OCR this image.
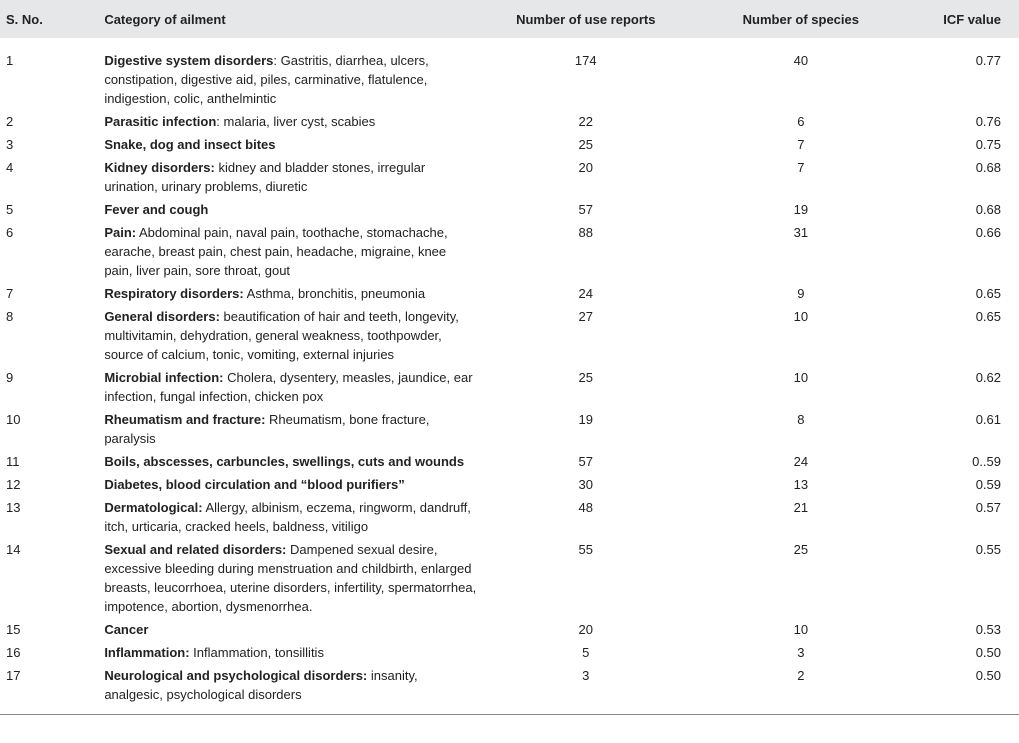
S. No.	Category of ailment	Number of use reports	Number of species	ICF value
1	Digestive system disorders: Gastritis, diarrhea, ulcers, constipation, digestive aid, piles, carminative, flatulence, indigestion, colic, anthelmintic	174	40	0.77
2	Parasitic infection: malaria, liver cyst, scabies	22	6	0.76
3	Snake, dog and insect bites	25	7	0.75
4	Kidney disorders: kidney and bladder stones, irregular urination, urinary problems, diuretic	20	7	0.68
5	Fever and cough	57	19	0.68
6	Pain: Abdominal pain, naval pain, toothache, stomachache, earache, breast pain, chest pain, headache, migraine, knee pain, liver pain, sore throat, gout	88	31	0.66
7	Respiratory disorders: Asthma, bronchitis, pneumonia	24	9	0.65
8	General disorders: beautification of hair and teeth, longevity, multivitamin, dehydration, general weakness, toothpowder, source of calcium, tonic, vomiting, external injuries	27	10	0.65
9	Microbial infection: Cholera, dysentery, measles, jaundice, ear infection, fungal infection, chicken pox	25	10	0.62
10	Rheumatism and fracture: Rheumatism, bone fracture, paralysis	19	8	0.61
11	Boils, abscesses, carbuncles, swellings, cuts and wounds	57	24	0..59
12	Diabetes, blood circulation and “blood purifiers”	30	13	0.59
13	Dermatological: Allergy, albinism, eczema, ringworm, dandruff, itch, urticaria, cracked heels, baldness, vitiligo	48	21	0.57
14	Sexual and related disorders: Dampened sexual desire, excessive bleeding during menstruation and childbirth, enlarged breasts, leucorrhoea, uterine disorders, infertility, spermatorrhea, impotence, abortion, dysmenorrhea.	55	25	0.55
15	Cancer	20	10	0.53
16	Inflammation: Inflammation, tonsillitis	5	3	0.50
17	Neurological and psychological disorders: insanity, analgesic, psychological disorders	3	2	0.50
